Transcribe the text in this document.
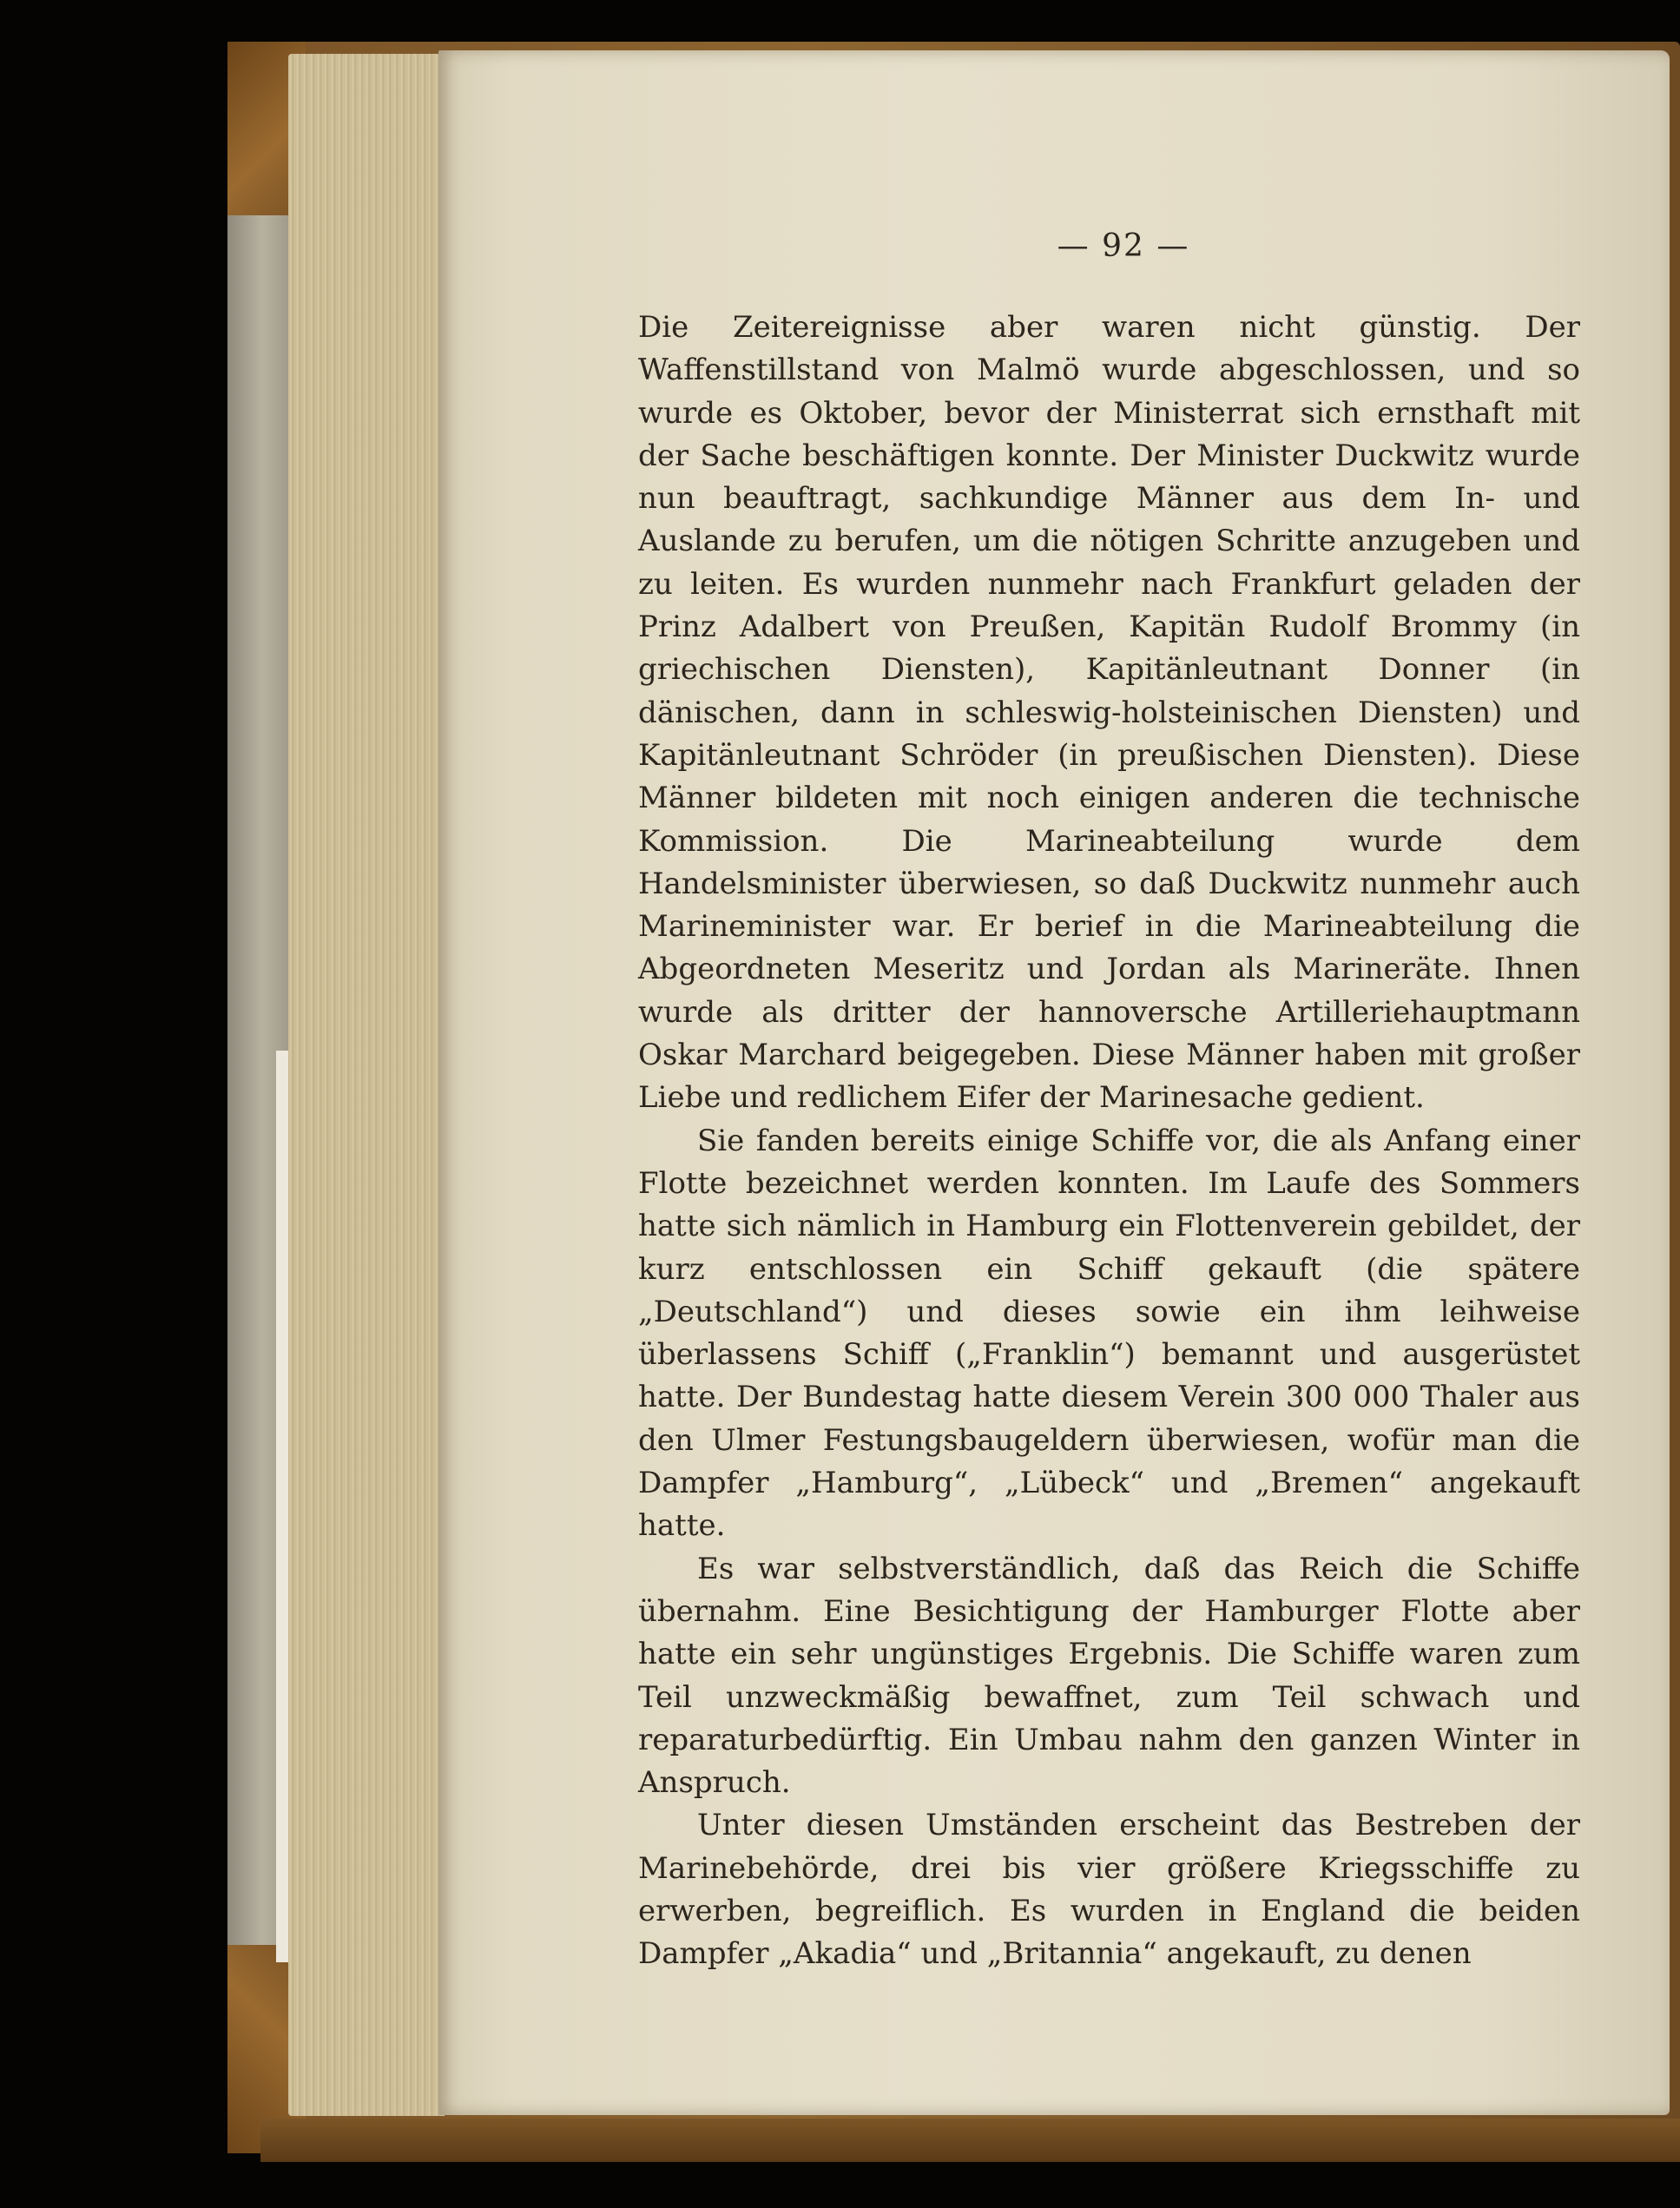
— 92 —

Die Zeitereignisse aber waren nicht günstig. Der Waffenstillstand von Malmö wurde abgeschlossen, und so wurde es Oktober, bevor der Ministerrat sich ernsthaft mit der Sache beschäftigen konnte. Der Minister Duckwitz wurde nun beauftragt, sachkundige Männer aus dem In- und Auslande zu berufen, um die nötigen Schritte anzugeben und zu leiten. Es wurden nunmehr nach Frankfurt geladen der Prinz Adalbert von Preußen, Kapitän Rudolf Brommy (in griechischen Diensten), Kapitänleutnant Donner (in dänischen, dann in schleswig-holsteinischen Diensten) und Kapitänleutnant Schröder (in preußischen Diensten). Diese Männer bildeten mit noch einigen anderen die technische Kommission. Die Marineabteilung wurde dem Handelsminister überwiesen, so daß Duckwitz nunmehr auch Marineminister war. Er berief in die Marineabteilung die Abgeordneten Meseritz und Jordan als Marineräte. Ihnen wurde als dritter der hannoversche Artilleriehauptmann Oskar Marchard beigegeben. Diese Männer haben mit großer Liebe und redlichem Eifer der Marinesache gedient.

Sie fanden bereits einige Schiffe vor, die als Anfang einer Flotte bezeichnet werden konnten. Im Laufe des Sommers hatte sich nämlich in Hamburg ein Flottenverein gebildet, der kurz entschlossen ein Schiff gekauft (die spätere „Deutschland“) und dieses sowie ein ihm leihweise überlassens Schiff („Franklin“) bemannt und ausgerüstet hatte. Der Bundestag hatte diesem Verein 300 000 Thaler aus den Ulmer Festungsbaugeldern überwiesen, wofür man die Dampfer „Hamburg“, „Lübeck“ und „Bremen“ angekauft hatte.

Es war selbstverständlich, daß das Reich die Schiffe übernahm. Eine Besichtigung der Hamburger Flotte aber hatte ein sehr ungünstiges Ergebnis. Die Schiffe waren zum Teil unzweckmäßig bewaffnet, zum Teil schwach und reparaturbedürftig. Ein Umbau nahm den ganzen Winter in Anspruch.

Unter diesen Umständen erscheint das Bestreben der Marinebehörde, drei bis vier größere Kriegsschiffe zu erwerben, begreiflich. Es wurden in England die beiden Dampfer „Akadia“ und „Britannia“ angekauft, zu denen
